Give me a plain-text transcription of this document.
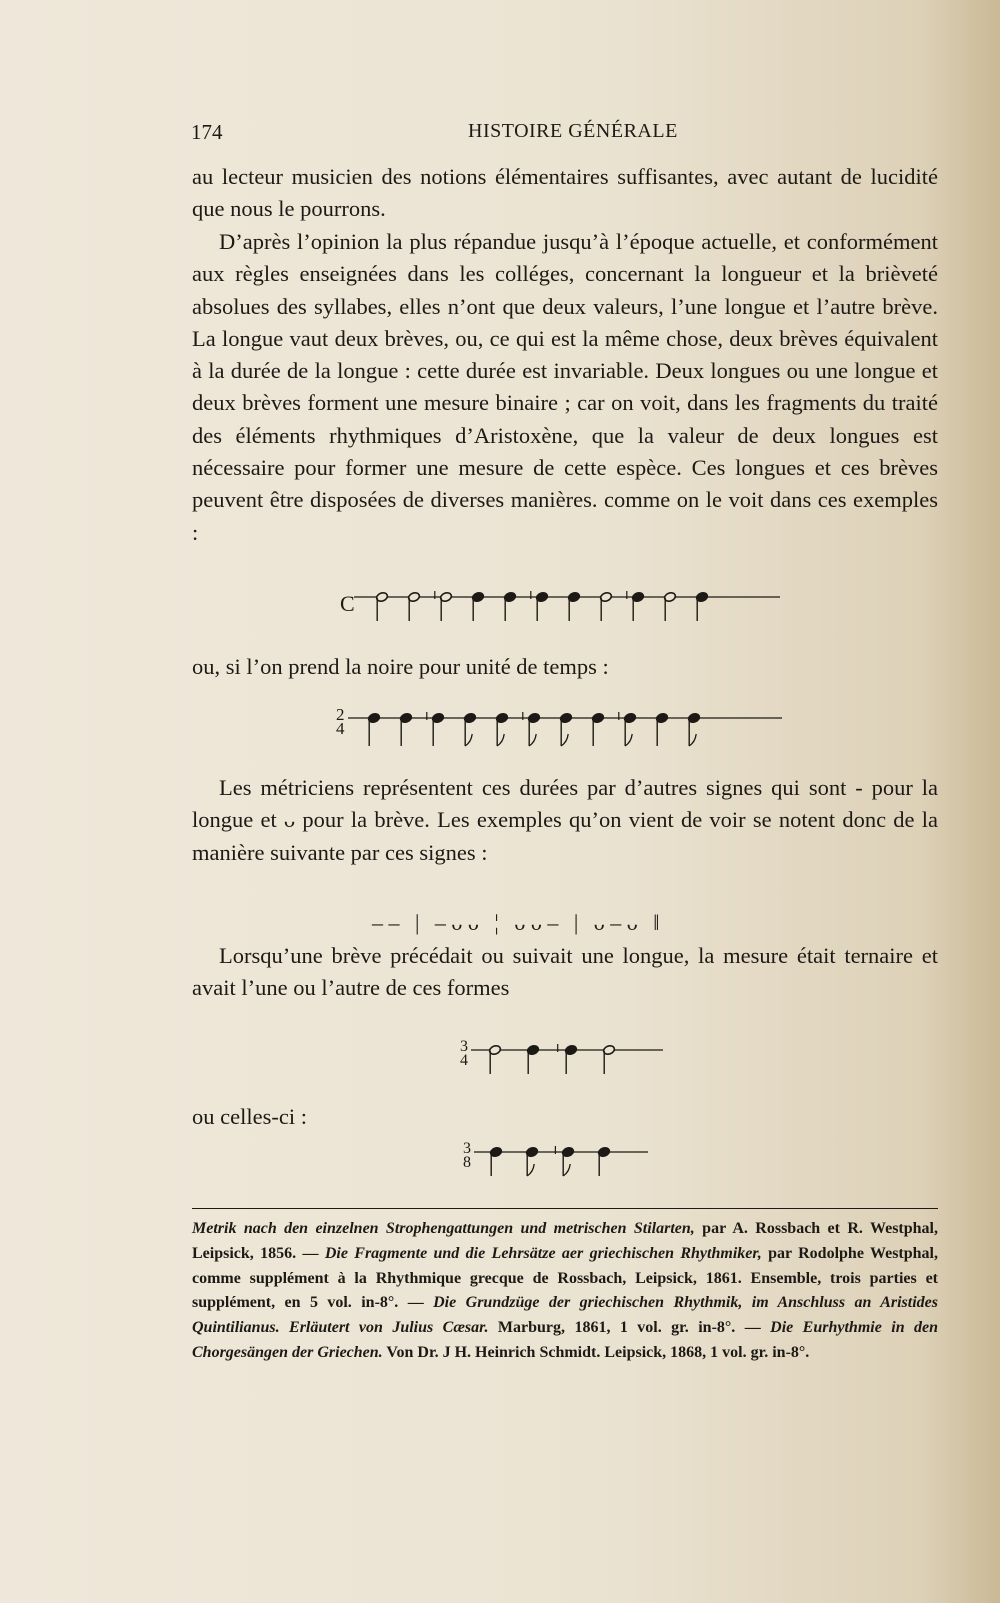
174	HISTOIRE GÉNÉRALE

au lecteur musicien des notions élémentaires suffisantes, avec autant de lucidité que nous le pourrons.

D’après l’opinion la plus répandue jusqu’à l’époque actuelle, et conformément aux règles enseignées dans les colléges, concernant la longueur et la brièveté absolues des syllabes, elles n’ont que deux valeurs, l’une longue et l’autre brève. La longue vaut deux brèves, ou, ce qui est la même chose, deux brèves équivalent à la durée de la longue : cette durée est invariable. Deux longues ou une longue et deux brèves forment une mesure binaire ; car on voit, dans les fragments du traité des éléments rhythmiques d’Aristoxène, que la valeur de deux longues est nécessaire pour former une mesure de cette espèce. Ces longues et ces brèves peuvent être disposées de diverses manières. comme on le voit dans ces exemples :

C

ou, si l’on prend la noire pour unité de temps :

2
4

Les métriciens représentent ces durées par d’autres signes qui sont - pour la longue et ᴗ pour la brève. Les exemples qu’on vient de voir se notent donc de la manière suivante par ces signes :

– – | – ᴗ ᴗ ¦ ᴗ ᴗ – | ᴗ – ᴗ ‖

Lorsqu’une brève précédait ou suivait une longue, la mesure était ternaire et avait l’une ou l’autre de ces formes

3
4
ou celles-ci :
3
8

Metrik nach den einzelnen Strophengattungen und metrischen Stilarten, par A. Rossbach et R. Westphal, Leipsick, 1856. — Die Fragmente und die Lehrsätze aer griechischen Rhythmiker, par Rodolphe Westphal, comme supplément à la Rhythmique grecque de Rossbach, Leipsick, 1861. Ensemble, trois parties et supplément, en 5 vol. in-8°. — Die Grundzüge der griechischen Rhythmik, im Anschluss an Aristides Quintilianus. Erläutert von Julius Cæsar. Marburg, 1861, 1 vol. gr. in-8°. — Die Eurhythmie in den Chorgesängen der Griechen. Von Dr. J H. Heinrich Schmidt. Leipsick, 1868, 1 vol. gr. in-8°.
